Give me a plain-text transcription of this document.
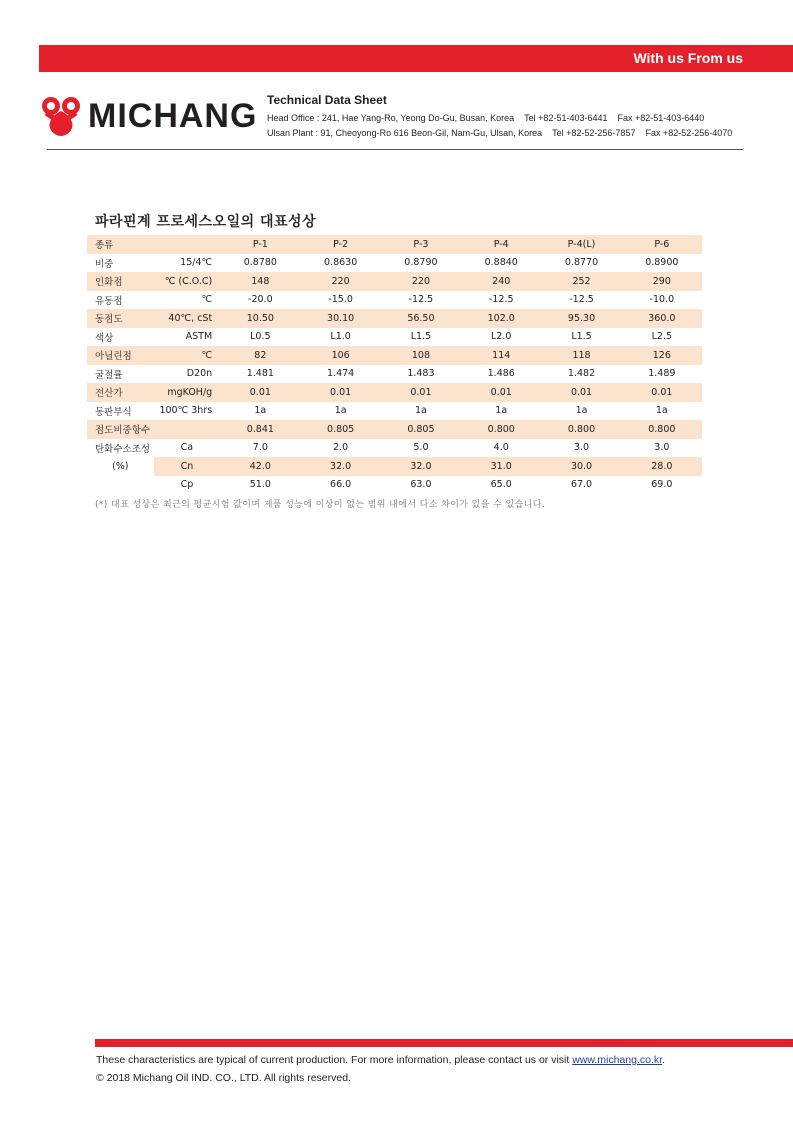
With us From us
MICHANG Technical Data Sheet
Head Office : 241, Hae Yang-Ro, Yeong Do-Gu, Busan, Korea Tel +82-51-403-6441 Fax +82-51-403-6440
Ulsan Plant : 91, Cheoyong-Ro 616 Beon-Gil, Nam-Gu, Ulsan, Korea Tel +82-52-256-7857 Fax +82-52-256-4070
파라핀계 프로세스오일의 대표성상
종류		P-1	P-2	P-3	P-4	P-4(L)	P-6
비중	15/4℃	0.8780	0.8630	0.8790	0.8840	0.8770	0.8900
인화점	℃ (C.O.C)	148	220	220	240	252	290
유동점	℃	-20.0	-15.0	-12.5	-12.5	-12.5	-10.0
동점도	40℃, cSt	10.50	30.10	56.50	102.0	95.30	360.0
색상	ASTM	L0.5	L1.0	L1.5	L2.0	L1.5	L2.5
아닐린점	℃	82	106	108	114	118	126
굴절률	D20n	1.481	1.474	1.483	1.486	1.482	1.489
전산가	mgKOH/g	0.01	0.01	0.01	0.01	0.01	0.01
동판부식	100℃ 3hrs	1a	1a	1a	1a	1a	1a
점도비중항수		0.841	0.805	0.805	0.800	0.800	0.800
탄화수소조성	Ca	7.0	2.0	5.0	4.0	3.0	3.0
(%)	Cn	42.0	32.0	32.0	31.0	30.0	28.0
	Cp	51.0	66.0	63.0	65.0	67.0	69.0
(*) 대표 성상은 최근의 평균시험 값이며 제품 성능에 이상이 없는 범위 내에서 다소 차이가 있을 수 있습니다.
These characteristics are typical of current production. For more information, please contact us or visit www.michang.co.kr.
© 2018 Michang Oil IND. CO., LTD. All rights reserved.
